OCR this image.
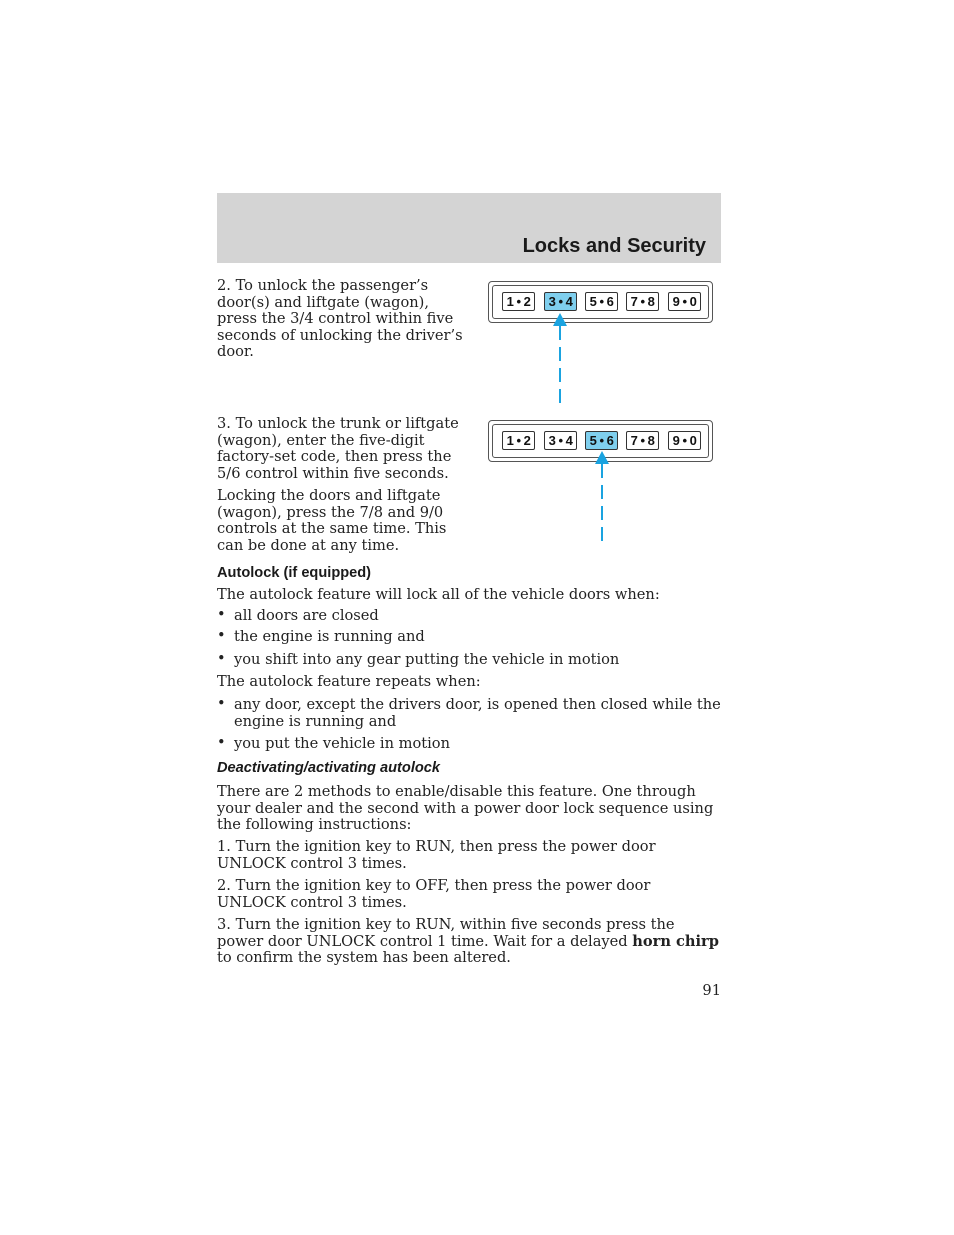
Locks and Security
2. To unlock the passenger’s door(s) and liftgate (wagon), press the 3/4 control within five seconds of unlocking the driver’s door.
1 • 2	3 • 4	5 • 6	7 • 8	9 • 0
3. To unlock the trunk or liftgate (wagon), enter the five-digit factory-set code, then press the 5/6 control within five seconds.
1 • 2	3 • 4	5 • 6	7 • 8	9 • 0
Locking the doors and liftgate (wagon), press the 7/8 and 9/0 controls at the same time. This can be done at any time.
Autolock (if equipped)
The autolock feature will lock all of the vehicle doors when:
• all doors are closed
• the engine is running and
• you shift into any gear putting the vehicle in motion
The autolock feature repeats when:
• any door, except the drivers door, is opened then closed while the engine is running and
• you put the vehicle in motion
Deactivating/activating autolock
There are 2 methods to enable/disable this feature. One through your dealer and the second with a power door lock sequence using the following instructions:
1. Turn the ignition key to RUN, then press the power door UNLOCK control 3 times.
2. Turn the ignition key to OFF, then press the power door UNLOCK control 3 times.
3. Turn the ignition key to RUN, within five seconds press the power door UNLOCK control 1 time. Wait for a delayed horn chirp to confirm the system has been altered.
91
